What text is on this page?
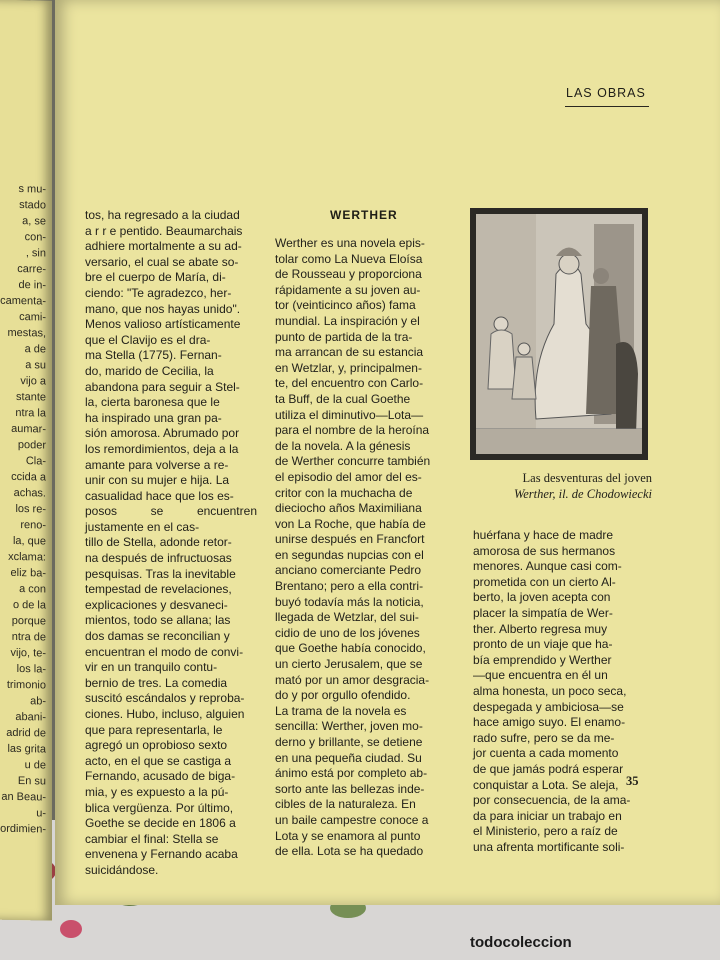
s mu-
stado
a, se
con-
, sin
carre-
de in-
camenta-
cami-
mestas,
a de
a su
vijo a
stante
ntra la
aumar-
poder
Cla-
ccida a
achas.
los re-
reno-
la, que
xclama:
eliz ba-
a con
o de la
porque
ntra de
vijo, te-
los la-
trimonio
ab-
abani-
adrid de
las grita
u de
En su
an Beau-
u-
ordimien-
LAS OBRAS
tos, ha regresado a la ciudad
a r r e pentido. Beaumarchais
adhiere mortalmente a su ad-
versario, el cual se abate so-
bre el cuerpo de María, di-
ciendo: "Te agradezco, her-
mano, que nos hayas unido".
Menos valioso artísticamente
que el Clavijo es el dra-
ma Stella (1775). Fernan-
do, marido de Cecilia, la
abandona para seguir a Stel-
la, cierta baronesa que le
ha inspirado una gran pa-
sión amorosa. Abrumado por
los remordimientos, deja a la
amante para volverse a re-
unir con su mujer e hija. La
casualidad hace que los es-
posos se encuentren justamente en el cas-
tillo de Stella, adonde retor-
na después de infructuosas
pesquisas. Tras la inevitable
tempestad de revelaciones,
explicaciones y desvaneci-
mientos, todo se allana; las
dos damas se reconcilian y
encuentran el modo de convi-
vir en un tranquilo contu-
bernio de tres. La comedia
suscitó escándalos y reproba-
ciones. Hubo, incluso, alguien
que para representarla, le
agregó un oprobioso sexto
acto, en el que se castiga a
Fernando, acusado de biga-
mia, y es expuesto a la pú-
blica vergüenza. Por último,
Goethe se decide en 1806 a
cambiar el final: Stella se
envenena y Fernando acaba
suicidándose.
WERTHER
Werther es una novela epis-
tolar como La Nueva Eloísa
de Rousseau y proporciona
rápidamente a su joven au-
tor (veinticinco años) fama
mundial. La inspiración y el
punto de partida de la tra-
ma arrancan de su estancia
en Wetzlar, y, principalmen-
te, del encuentro con Carlo-
ta Buff, de la cual Goethe
utiliza el diminutivo—Lota—
para el nombre de la heroína
de la novela. A la génesis
de Werther concurre también
el episodio del amor del es-
critor con la muchacha de
dieciocho años Maximiliana
von La Roche, que había de
unirse después en Francfort
en segundas nupcias con el
anciano comerciante Pedro
Brentano; pero a ella contri-
buyó todavía más la noticia,
llegada de Wetzlar, del sui-
cidio de uno de los jóvenes
que Goethe había conocido,
un cierto Jerusalem, que se
mató por un amor desgracia-
do y por orgullo ofendido.
La trama de la novela es
sencilla: Werther, joven mo-
derno y brillante, se detiene
en una pequeña ciudad. Su
ánimo está por completo ab-
sorto ante las bellezas inde-
cibles de la naturaleza. En
un baile campestre conoce a
Lota y se enamora al punto
de ella. Lota se ha quedado
Las desventuras del joven
Werther, il. de Chodowiecki
huérfana y hace de madre
amorosa de sus hermanos
menores. Aunque casi com-
prometida con un cierto Al-
berto, la joven acepta con
placer la simpatía de Wer-
ther. Alberto regresa muy
pronto de un viaje que ha-
bía emprendido y Werther
—que encuentra en él un
alma honesta, un poco seca,
despegada y ambiciosa—se
hace amigo suyo. El enamo-
rado sufre, pero se da me-
jor cuenta a cada momento
de que jamás podrá esperar
conquistar a Lota. Se aleja,
por consecuencia, de la ama-
da para iniciar un trabajo en
el Ministerio, pero a raíz de
una afrenta mortificante soli-
35
todocoleccion
